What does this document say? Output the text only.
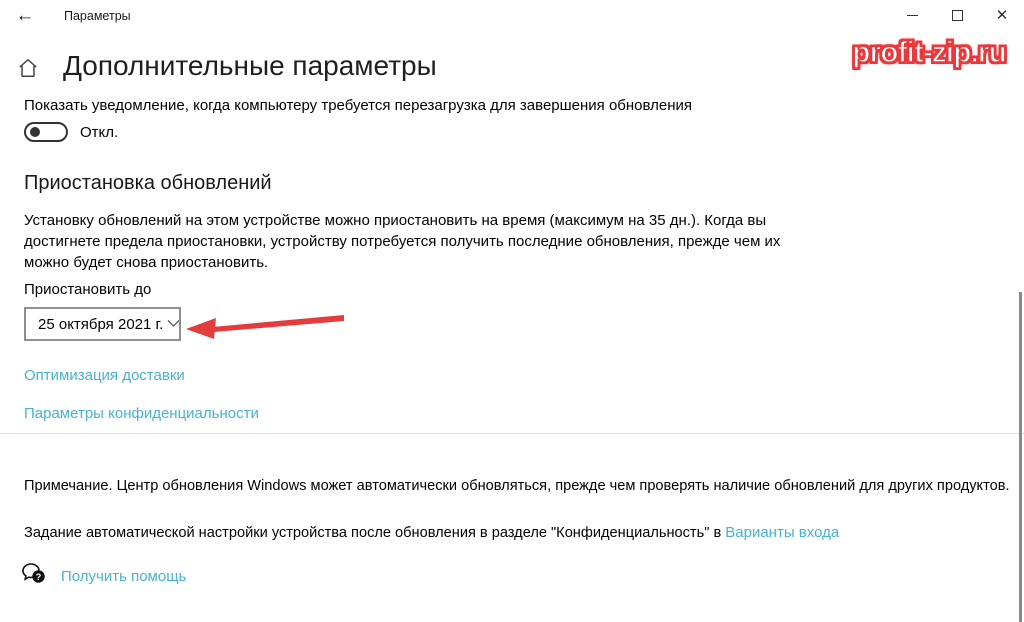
← Параметры	✕
profit-zip.ru
Дополнительные параметры
Показать уведомление, когда компьютеру требуется перезагрузка для завершения обновления
Откл.
Приостановка обновлений
Установку обновлений на этом устройстве можно приостановить на время (максимум на 35 дн.). Когда вы достигнете предела приостановки, устройству потребуется получить последние обновления, прежде чем их можно будет снова приостановить.
Приостановить до
25 октября 2021 г.
Оптимизация доставки
Параметры конфиденциальности
Примечание. Центр обновления Windows может автоматически обновляться, прежде чем проверять наличие обновлений для других продуктов.
Задание автоматической настройки устройства после обновления в разделе "Конфиденциальность" в Варианты входа
? Получить помощь
